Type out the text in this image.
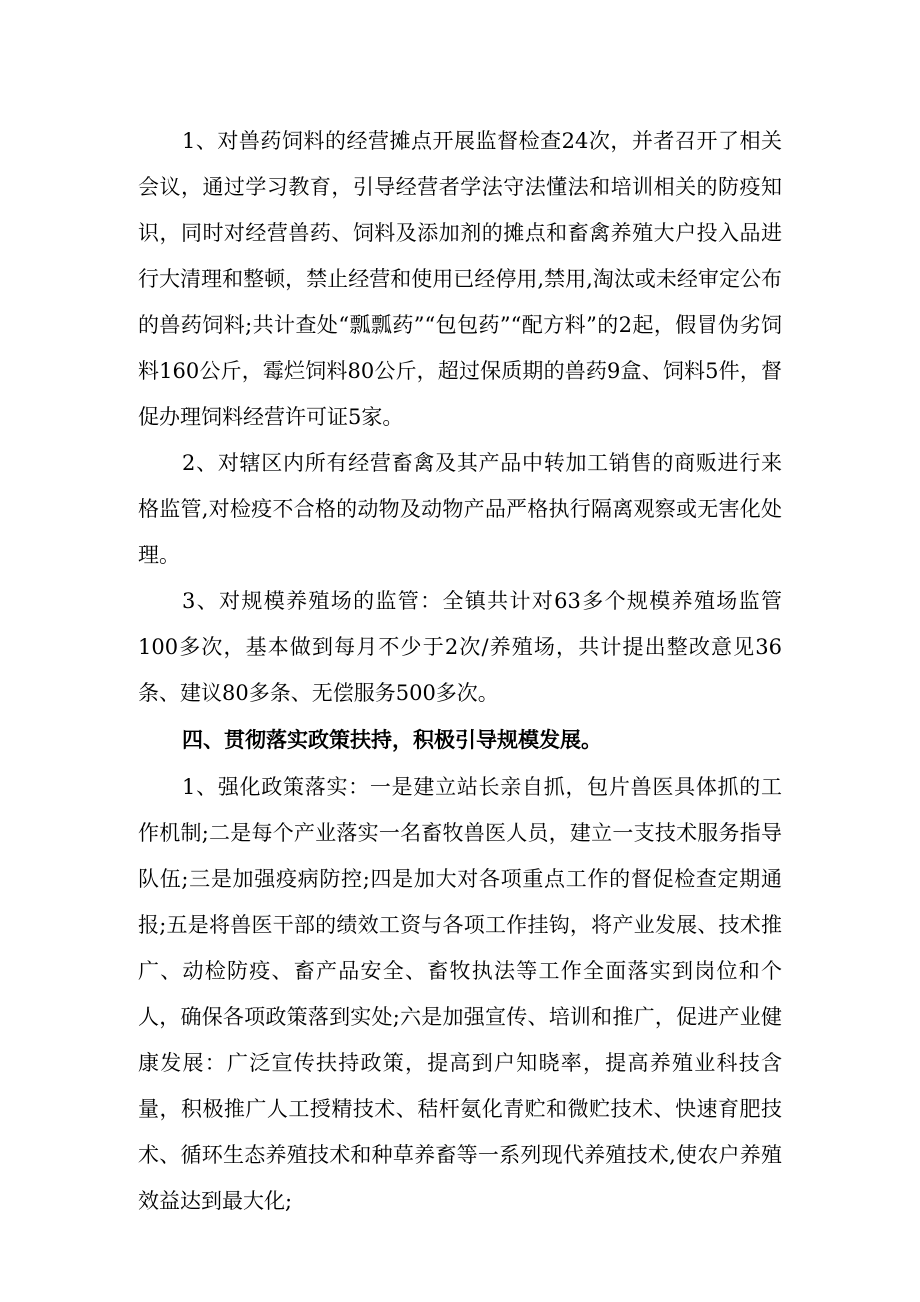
1、对兽药饲料的经营摊点开展监督检查24次，并者召开了相关会议，通过学习教育，引导经营者学法守法懂法和培训相关的防疫知识，同时对经营兽药、饲料及添加剂的摊点和畜禽养殖大户投入品进行大清理和整顿，禁止经营和使用已经停用,禁用,淘汰或未经审定公布的兽药饲料;共计查处“瓢瓢药”“包包药”“配方料”的2起，假冒伪劣饲料160公斤，霉烂饲料80公斤，超过保质期的兽药9盒、饲料5件，督促办理饲料经营许可证5家。

2、对辖区内所有经营畜禽及其产品中转加工销售的商贩进行来格监管,对检疫不合格的动物及动物产品严格执行隔离观察或无害化处理。

3、对规模养殖场的监管：全镇共计对63多个规模养殖场监管100多次，基本做到每月不少于2次/养殖场，共计提出整改意见36条、建议80多条、无偿服务500多次。

四、贯彻落实政策扶持，积极引导规模发展。

1、强化政策落实：一是建立站长亲自抓，包片兽医具体抓的工作机制;二是每个产业落实一名畜牧兽医人员，建立一支技术服务指导队伍;三是加强疫病防控;四是加大对各项重点工作的督促检查定期通报;五是将兽医干部的绩效工资与各项工作挂钩，将产业发展、技术推广、动检防疫、畜产品安全、畜牧执法等工作全面落实到岗位和个人，确保各项政策落到实处;六是加强宣传、培训和推广，促进产业健康发展：广泛宣传扶持政策，提高到户知晓率，提高养殖业科技含量，积极推广人工授精技术、秸杆氨化青贮和微贮技术、快速育肥技术、循环生态养殖技术和种草养畜等一系列现代养殖技术,使农户养殖效益达到最大化;
